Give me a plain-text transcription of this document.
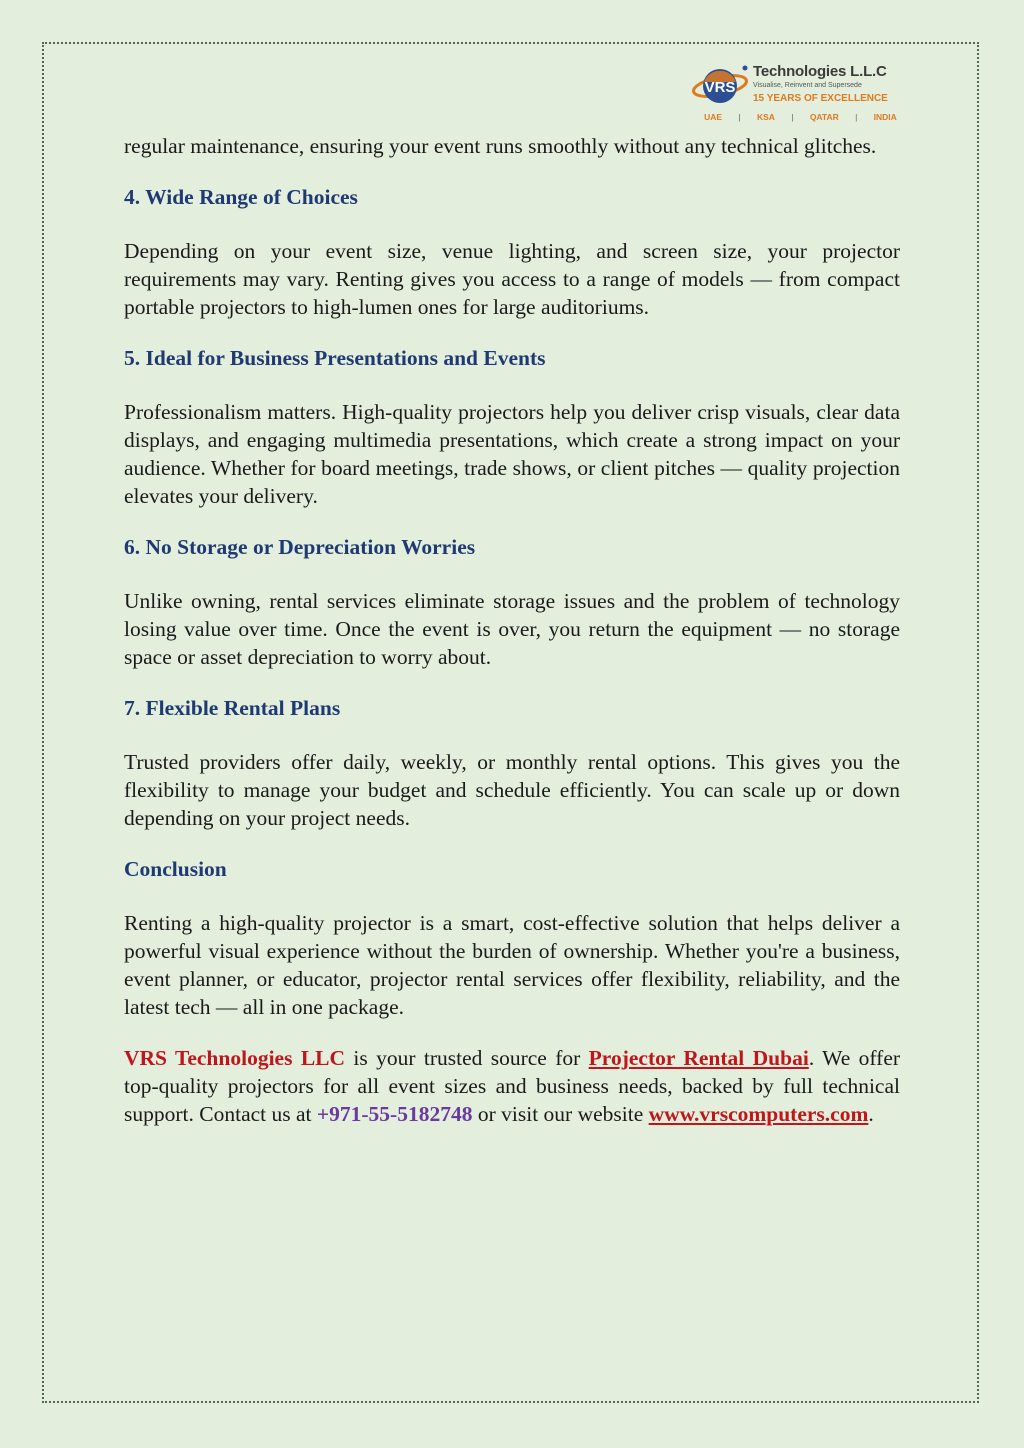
VRS
Technologies L.L.C
Visualise, Reinvent and Supersede
15 YEARS OF EXCELLENCE
UAE | KSA | QATAR | INDIA

regular maintenance, ensuring your event runs smoothly without any technical glitches.

4. Wide Range of Choices

Depending on your event size, venue lighting, and screen size, your projector requirements may vary. Renting gives you access to a range of models — from compact portable projectors to high-lumen ones for large auditoriums.

5. Ideal for Business Presentations and Events

Professionalism matters. High-quality projectors help you deliver crisp visuals, clear data displays, and engaging multimedia presentations, which create a strong impact on your audience. Whether for board meetings, trade shows, or client pitches — quality projection elevates your delivery.

6. No Storage or Depreciation Worries

Unlike owning, rental services eliminate storage issues and the problem of technology losing value over time. Once the event is over, you return the equipment — no storage space or asset depreciation to worry about.

7. Flexible Rental Plans

Trusted providers offer daily, weekly, or monthly rental options. This gives you the flexibility to manage your budget and schedule efficiently. You can scale up or down depending on your project needs.

Conclusion

Renting a high-quality projector is a smart, cost-effective solution that helps deliver a powerful visual experience without the burden of ownership. Whether you're a business, event planner, or educator, projector rental services offer flexibility, reliability, and the latest tech — all in one package.

VRS Technologies LLC is your trusted source for Projector Rental Dubai. We offer top-quality projectors for all event sizes and business needs, backed by full technical support. Contact us at +971-55-5182748 or visit our website www.vrscomputers.com.
